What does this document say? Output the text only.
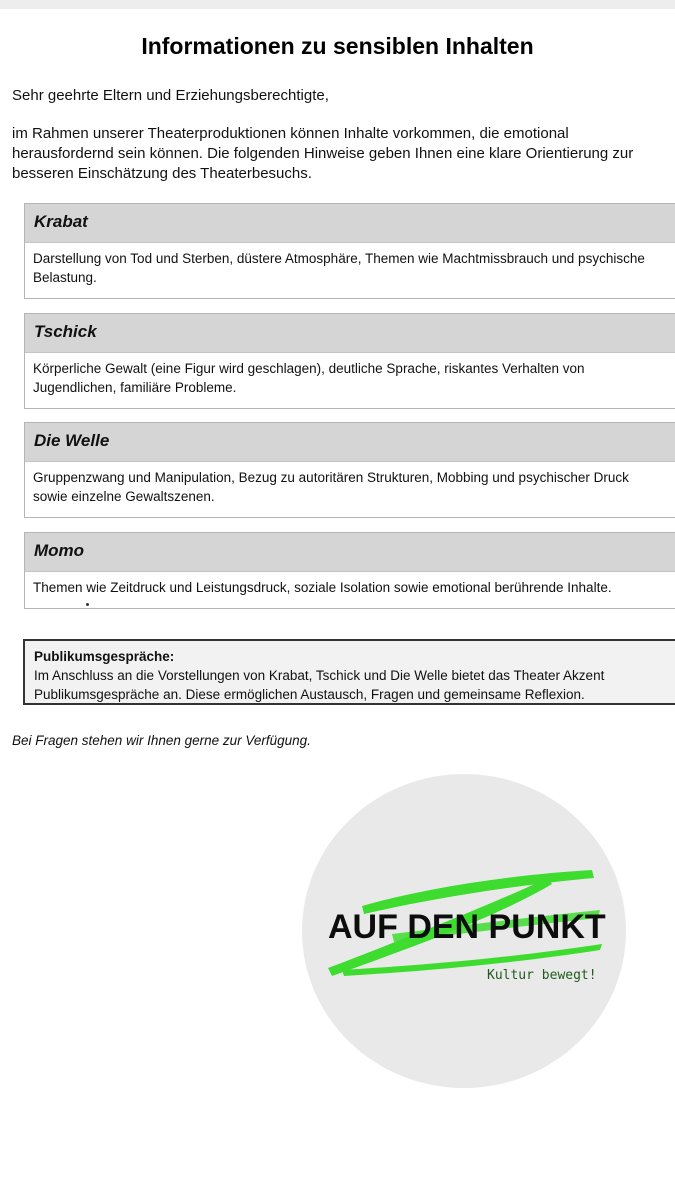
Informationen zu sensiblen Inhalten
Sehr geehrte Eltern und Erziehungsberechtigte,
im Rahmen unserer Theaterproduktionen können Inhalte vorkommen, die emotional herausfordernd sein können. Die folgenden Hinweise geben Ihnen eine klare Orientierung zur besseren Einschätzung des Theaterbesuchs.
Krabat
Darstellung von Tod und Sterben, düstere Atmosphäre, Themen wie Machtmissbrauch und psychische Belastung.
Tschick
Körperliche Gewalt (eine Figur wird geschlagen), deutliche Sprache, riskantes Verhalten von Jugendlichen, familiäre Probleme.
Die Welle
Gruppenzwang und Manipulation, Bezug zu autoritären Strukturen, Mobbing und psychischer Druck sowie einzelne Gewaltszenen.
Momo
Themen wie Zeitdruck und Leistungsdruck, soziale Isolation sowie emotional berührende Inhalte.
Publikumsgespräche:
Im Anschluss an die Vorstellungen von Krabat, Tschick und Die Welle bietet das Theater Akzent Publikumsgespräche an. Diese ermöglichen Austausch, Fragen und gemeinsame Reflexion.
Bei Fragen stehen wir Ihnen gerne zur Verfügung.
AUF DEN PUNKT
Kultur bewegt!
